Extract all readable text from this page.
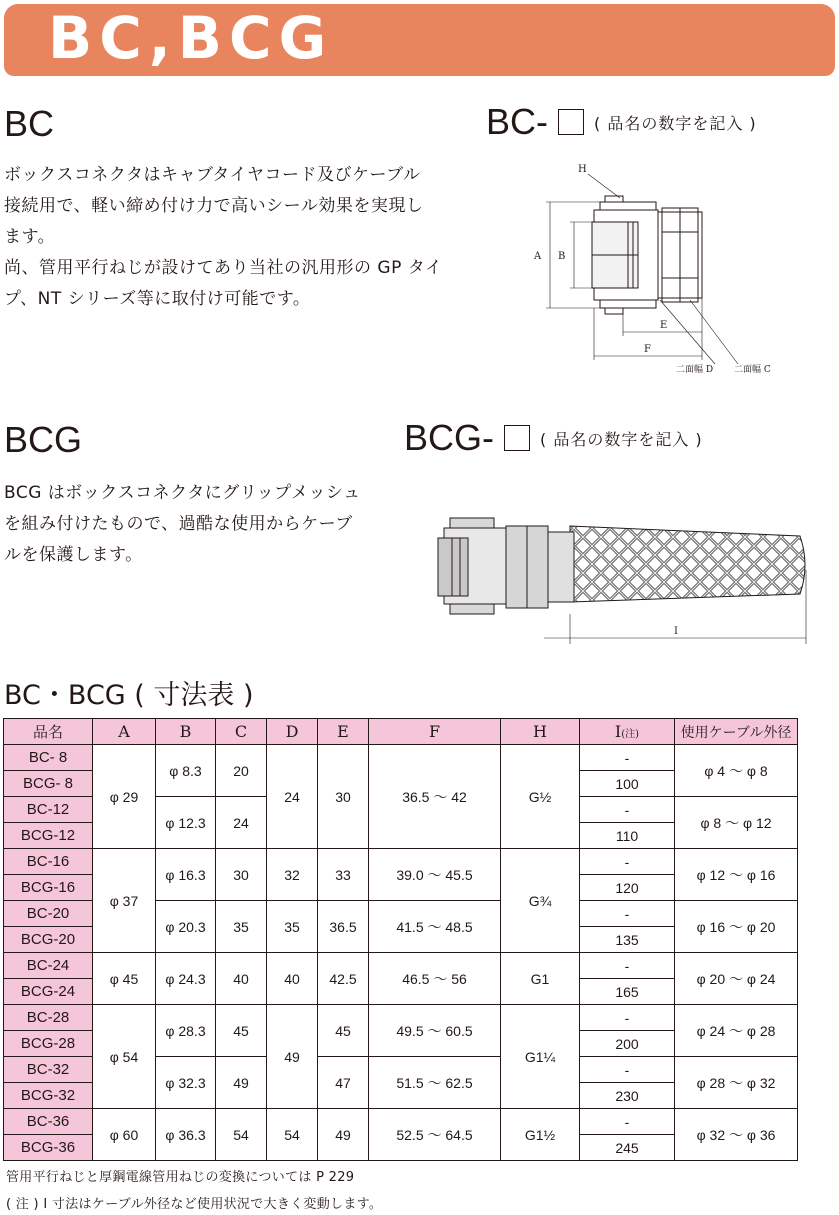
BC,BCG
BC	BC-	( 品名の数字を記入 )

ボックスコネクタはキャブタイヤコード及びケーブル

接続用で、軽い締め付け力で高いシール効果を実現し

ます。

尚、管用平行ねじが設けてあり当社の汎用形の GP タイ

プ、NT シリーズ等に取付け可能です。

H
A B
E
F
二面幅 D 二面幅 C
BCG	BCG-	( 品名の数字を記入 )

BCG はボックスコネクタにグリップメッシュ

を組み付けたもので、過酷な使用からケーブ

ルを保護します。

I
BC・BCG ( 寸法表 )
品名	A	B	C	D	E	F	H	I(注)	使用ケーブル外径
BC- 8	φ 29	φ 8.3	20	24	30	36.5 ～ 42	G½	-	φ 4 ～ φ 8
BCG- 8								100	
BC-12		φ 12.3	24					-	φ 8 ～ φ 12
BCG-12								110	
BC-16	φ 37	φ 16.3	30	32	33	39.0 ～ 45.5	G¾	-	φ 12 ～ φ 16
BCG-16								120	
BC-20		φ 20.3	35	35	36.5	41.5 ～ 48.5		-	φ 16 ～ φ 20
BCG-20								135	
BC-24	φ 45	φ 24.3	40	40	42.5	46.5 ～ 56	G1	-	φ 20 ～ φ 24
BCG-24								165	
BC-28	φ 54	φ 28.3	45	49	45	49.5 ～ 60.5	G1¼	-	φ 24 ～ φ 28
BCG-28								200	
BC-32		φ 32.3	49		47	51.5 ～ 62.5		-	φ 28 ～ φ 32
BCG-32								230	
BC-36	φ 60	φ 36.3	54	54	49	52.5 ～ 64.5	G1½	-	φ 32 ～ φ 36
BCG-36								245	
管用平行ねじと厚鋼電線管用ねじの変換については P 229
( 注 ) I 寸法はケーブル外径など使用状況で大きく変動します。
